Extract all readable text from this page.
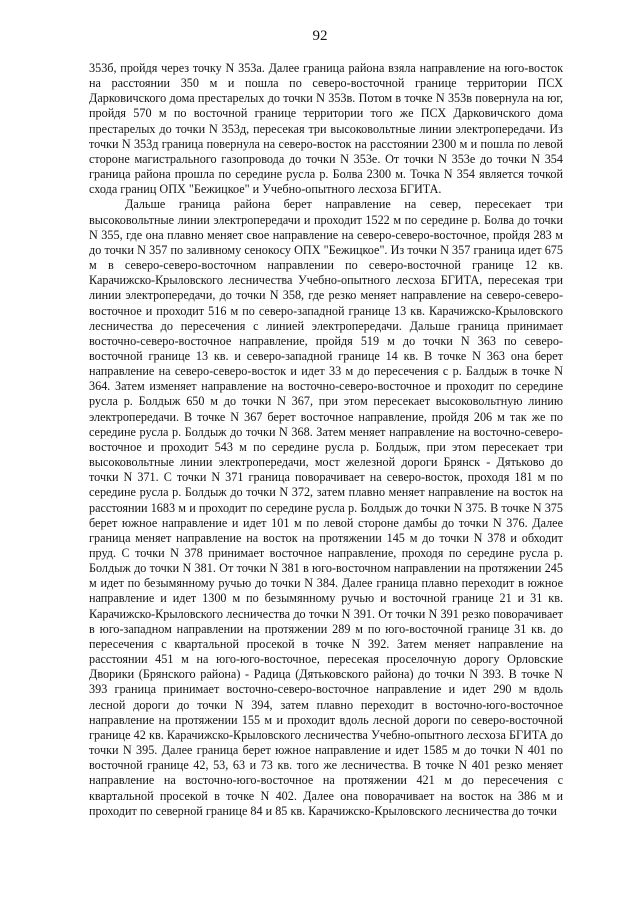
92

353б, пройдя через точку N 353а. Далее граница района взяла направление на юго-восток на расстоянии 350 м и пошла по северо-восточной границе территории ПСХ Дарковичского дома престарелых до точки N 353в. Потом в точке N 353в повернула на юг, пройдя 570 м по восточной границе территории того же ПСХ Дарковичского дома престарелых до точки N 353д, пересекая три высоковольтные линии электропередачи. Из точки N 353д граница повернула на северо-восток на расстоянии 2300 м и пошла по левой стороне магистрального газопровода до точки N 353е. От точки N 353е до точки N 354 граница района прошла по середине русла р. Болва 2300 м. Точка N 354 является точкой схода границ ОПХ "Бежицкое" и Учебно-опытного лесхоза БГИТА.

Дальше граница района берет направление на север, пересекает три высоковольтные линии электропередачи и проходит 1522 м по середине р. Болва до точки N 355, где она плавно меняет свое направление на северо-северо-восточное, пройдя 283 м до точки N 357 по заливному сенокосу ОПХ "Бежицкое". Из точки N 357 граница идет 675 м в северо-северо-восточном направлении по северо-восточной границе 12 кв. Карачижско-Крыловского лесничества Учебно-опытного лесхоза БГИТА, пересекая три линии электропередачи, до точки N 358, где резко меняет направление на северо-северо-восточное и проходит 516 м по северо-западной границе 13 кв. Карачижско-Крыловского лесничества до пересечения с линией электропередачи. Дальше граница принимает восточно-северо-восточное направление, пройдя 519 м до точки N 363 по северо-восточной границе 13 кв. и северо-западной границе 14 кв. В точке N 363 она берет направление на северо-северо-восток и идет 33 м до пересечения с р. Балдыж в точке N 364. Затем изменяет направление на восточно-северо-восточное и проходит по середине русла р. Болдыж 650 м до точки N 367, при этом пересекает высоковольтную линию электропередачи. В точке N 367 берет восточное направление, пройдя 206 м так же по середине русла р. Болдыж до точки N 368. Затем меняет направление на восточно-северо-восточное и проходит 543 м по середине русла р. Болдыж, при этом пересекает три высоковольтные линии электропередачи, мост железной дороги Брянск - Дятьково до точки N 371. С точки N 371 граница поворачивает на северо-восток, проходя 181 м по середине русла р. Болдыж до точки N 372, затем плавно меняет направление на восток на расстоянии 1683 м и проходит по середине русла р. Болдыж до точки N 375. В точке N 375 берет южное направление и идет 101 м по левой стороне дамбы до точки N 376. Далее граница меняет направление на восток на протяжении 145 м до точки N 378 и обходит пруд. С точки N 378 принимает восточное направление, проходя по середине русла р. Болдыж до точки N 381. От точки N 381 в юго-восточном направлении на протяжении 245 м идет по безымянному ручью до точки N 384. Далее граница плавно переходит в южное направление и идет 1300 м по безымянному ручью и восточной границе 21 и 31 кв. Карачижско-Крыловского лесничества до точки N 391. От точки N 391 резко поворачивает в юго-западном направлении на протяжении 289 м по юго-восточной границе 31 кв. до пересечения с квартальной просекой в точке N 392. Затем меняет направление на расстоянии 451 м на юго-юго-восточное, пересекая проселочную дорогу Орловские Дворики (Брянского района) - Радица (Дятьковского района) до точки N 393. В точке N 393 граница принимает восточно-северо-восточное направление и идет 290 м вдоль лесной дороги до точки N 394, затем плавно переходит в восточно-юго-восточное направление на протяжении 155 м и проходит вдоль лесной дороги по северо-восточной границе 42 кв. Карачижско-Крыловского лесничества Учебно-опытного лесхоза БГИТА до точки N 395. Далее граница берет южное направление и идет 1585 м до точки N 401 по восточной границе 42, 53, 63 и 73 кв. того же лесничества. В точке N 401 резко меняет направление на восточно-юго-восточное на протяжении 421 м до пересечения с квартальной просекой в точке N 402. Далее она поворачивает на восток на 386 м и проходит по северной границе 84 и 85 кв. Карачижско-Крыловского лесничества до точки
